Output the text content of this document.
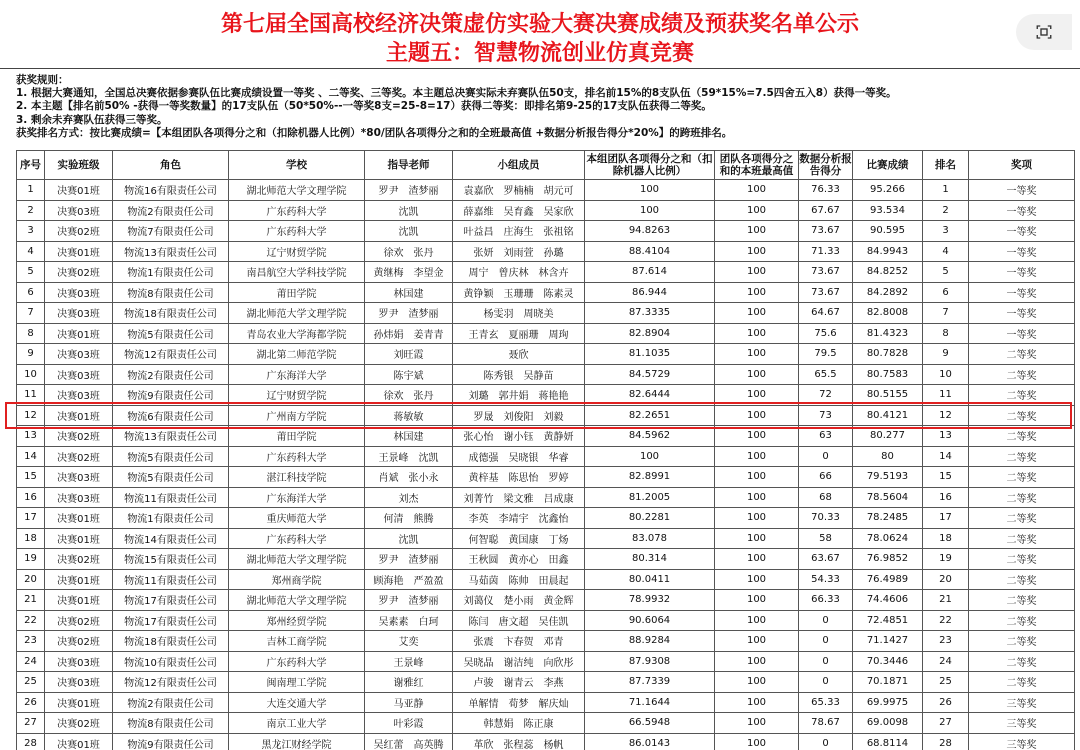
第七届全国高校经济决策虚仿实验大赛决赛成绩及预获奖名单公示
主题五：智慧物流创业仿真竞赛
获奖规则：
1. 根据大赛通知，全国总决赛依据参赛队伍比赛成绩设置一等奖 、二等奖、三等奖。本主题总决赛实际未弃赛队伍50支，排名前15%的8支队伍（59*15%=7.5四舍五入8）获得一等奖。
2. 本主题【排名前50% -获得一等奖数量】的17支队伍（50*50%--一等奖8支=25-8=17）获得二等奖：即排名第9-25的17支队伍获得二等奖。
3. 剩余未弃赛队伍获得三等奖。
获奖排名方式：按比赛成绩=【本组团队各项得分之和（扣除机器人比例）*80/团队各项得分之和的全班最高值 +数据分析报告得分*20%】的跨班排名。
序号	实验班级	角色	学校	指导老师	小组成员	本组团队各项得分之和（扣除机器人比例）	团队各项得分之和的本班最高值	数据分析报告得分	比赛成绩	排名	奖项
1	决赛01班	物流16有限责任公司	湖北师范大学文理学院	罗尹　渣梦丽	袁嘉欣　罗楠楠　胡元可	100	100	76.33	95.266	1	一等奖
2	决赛03班	物流2有限责任公司	广东药科大学	沈凯	薛嘉维　吴育鑫　吴家欣	100	100	67.67	93.534	2	一等奖
3	决赛02班	物流7有限责任公司	广东药科大学	沈凯	叶益昌　庄海生　张祖铭	94.8263	100	73.67	90.595	3	一等奖
4	决赛01班	物流13有限责任公司	辽宁财贸学院	徐欢　张丹	张妍　刘雨萱　孙璐	88.4104	100	71.33	84.9943	4	一等奖
5	决赛02班	物流1有限责任公司	南昌航空大学科技学院	黄继梅　李望金	周宁　曾庆林　林含卉	87.614	100	73.67	84.8252	5	一等奖
6	决赛03班	物流8有限责任公司	莆田学院	林国建	黄铮颖　玉珊珊　陈素灵	86.944	100	73.67	84.2892	6	一等奖
7	决赛03班	物流18有限责任公司	湖北师范大学文理学院	罗尹　渣梦丽	杨雯羽　周晓美	87.3335	100	64.67	82.8008	7	一等奖
8	决赛01班	物流5有限责任公司	青岛农业大学海都学院	孙炜娟　姜青青	王青玄　夏丽珊　周珣	82.8904	100	75.6	81.4323	8	一等奖
9	决赛03班	物流12有限责任公司	湖北第二师范学院	刘旺霞	聂欣	81.1035	100	79.5	80.7828	9	二等奖
10	决赛03班	物流2有限责任公司	广东海洋大学	陈宇斌	陈秀银　吴静苗	84.5729	100	65.5	80.7583	10	二等奖
11	决赛03班	物流9有限责任公司	辽宁财贸学院	徐欢　张丹	刘璐　郭井娟　蒋艳艳	82.6444	100	72	80.5155	11	二等奖
12	决赛01班	物流6有限责任公司	广州南方学院	蒋敏敏	罗晟　刘俊阳　刘毅	82.2651	100	73	80.4121	12	二等奖
13	决赛02班	物流13有限责任公司	莆田学院	林国建	张心怡　谢小钰　黄静妍	84.5962	100	63	80.277	13	二等奖
14	决赛02班	物流5有限责任公司	广东药科大学	王景峰　沈凯	成德强　吴晓银　华睿	100	100	0	80	14	二等奖
15	决赛03班	物流5有限责任公司	湛江科技学院	肖斌　张小永	黄梓基　陈思怡　罗婷	82.8991	100	66	79.5193	15	二等奖
16	决赛03班	物流11有限责任公司	广东海洋大学	刘杰	刘菁竹　梁文雅　吕成康	81.2005	100	68	78.5604	16	二等奖
17	决赛01班	物流1有限责任公司	重庆师范大学	何清　熊腾	李英　李靖宇　沈鑫怡	80.2281	100	70.33	78.2485	17	二等奖
18	决赛01班	物流14有限责任公司	广东药科大学	沈凯	何智聪　黄国康　丁炀	83.078	100	58	78.0624	18	二等奖
19	决赛02班	物流15有限责任公司	湖北师范大学文理学院	罗尹　渣梦丽	王秋圆　黄亦心　田鑫	80.314	100	63.67	76.9852	19	二等奖
20	决赛01班	物流11有限责任公司	郑州商学院	顾海艳　严盈盈	马茹茵　陈帅　田晨起	80.0411	100	54.33	76.4989	20	二等奖
21	决赛01班	物流17有限责任公司	湖北师范大学文理学院	罗尹　渣梦丽	刘蔼仪　楚小雨　黄金辉	78.9932	100	66.33	74.4606	21	二等奖
22	决赛02班	物流17有限责任公司	郑州经贸学院	吴素素　白珂	陈闫　唐文超　吴佳凯	90.6064	100	0	72.4851	22	二等奖
23	决赛02班	物流18有限责任公司	吉林工商学院	艾奕	张震　卞春贺　邓青	88.9284	100	0	71.1427	23	二等奖
24	决赛03班	物流10有限责任公司	广东药科大学	王景峰	吴晓晶　谢洁纯　向欣彤	87.9308	100	0	70.3446	24	二等奖
25	决赛03班	物流12有限责任公司	闽南理工学院	谢雅红	卢骏　谢青云　李燕	87.7339	100	0	70.1871	25	二等奖
26	决赛01班	物流2有限责任公司	大连交通大学	马亚静	单解情　荀梦　解庆灿	71.1644	100	65.33	69.9975	26	三等奖
27	决赛02班	物流8有限责任公司	南京工业大学	叶彩霞	韩慧娟　陈正康	66.5948	100	78.67	69.0098	27	三等奖
28	决赛01班	物流9有限责任公司	黑龙江财经学院	吴红蕾　高英腾	革欣　张程蕊　杨帆	86.0143	100	0	68.8114	28	三等奖
